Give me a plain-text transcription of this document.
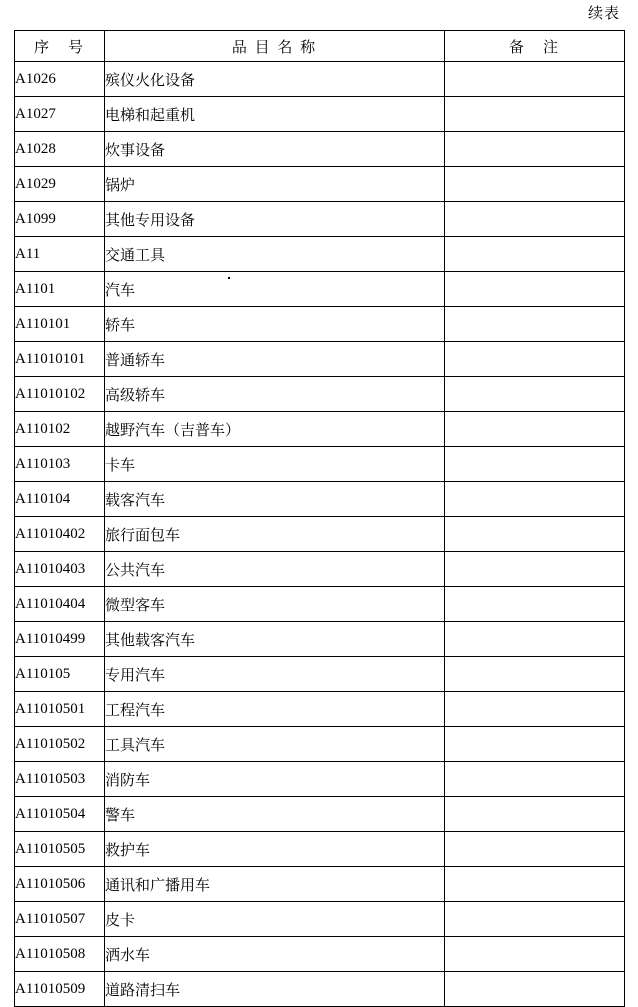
续表
序　号	品 目 名 称	备　注
A1026	殡仪火化设备	
A1027	电梯和起重机	
A1028	炊事设备	
A1029	锅炉	
A1099	其他专用设备	
A11	交通工具	
A1101	汽车	
A110101	轿车	
A11010101	普通轿车	
A11010102	高级轿车	
A110102	越野汽车（吉普车）	
A110103	卡车	
A110104	载客汽车	
A11010402	旅行面包车	
A11010403	公共汽车	
A11010404	微型客车	
A11010499	其他载客汽车	
A110105	专用汽车	
A11010501	工程汽车	
A11010502	工具汽车	
A11010503	消防车	
A11010504	警车	
A11010505	救护车	
A11010506	通讯和广播用车	
A11010507	皮卡	
A11010508	洒水车	
A11010509	道路清扫车	
